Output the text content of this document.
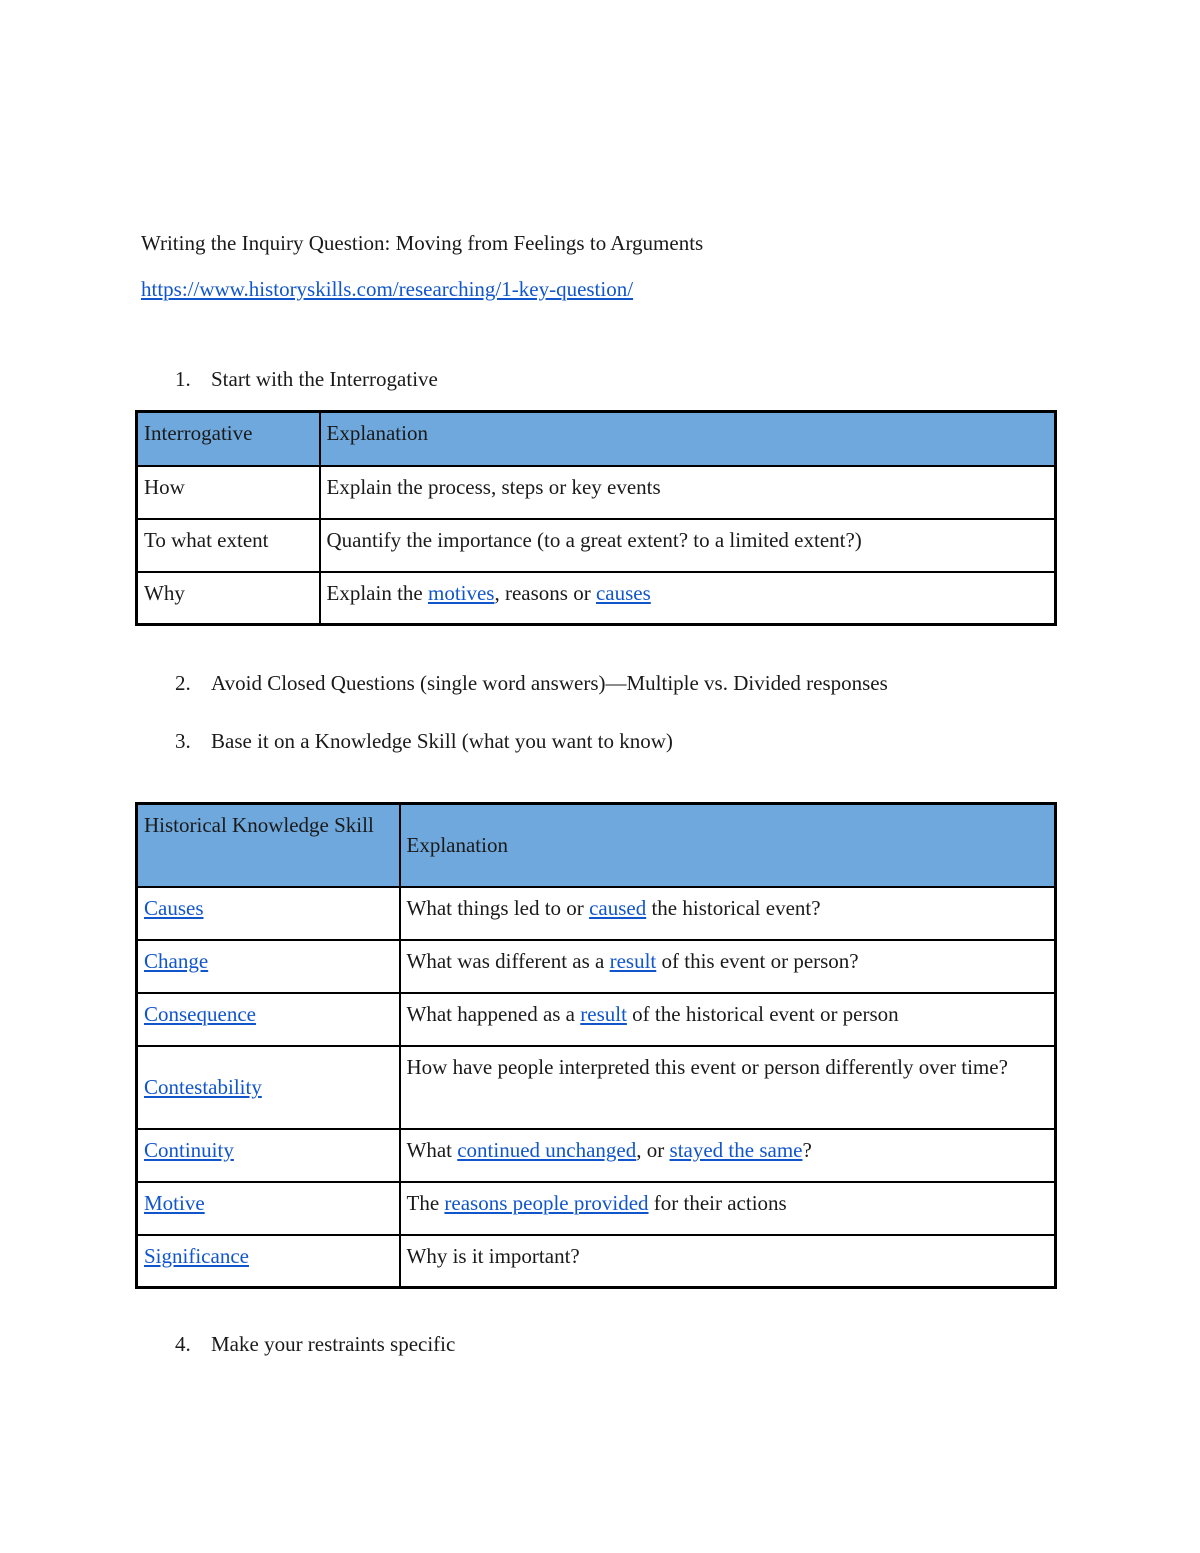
Writing the Inquiry Question: Moving from Feelings to Arguments
https://www.historyskills.com/researching/1-key-question/
1. Start with the Interrogative
Interrogative	Explanation
How	Explain the process, steps or key events
To what extent	Quantify the importance (to a great extent? to a limited extent?)
Why	Explain the motives, reasons or causes
2. Avoid Closed Questions (single word answers)—Multiple vs. Divided responses
3. Base it on a Knowledge Skill (what you want to know)
Historical Knowledge Skill	Explanation
Causes	What things led to or caused the historical event?
Change	What was different as a result of this event or person?
Consequence	What happened as a result of the historical event or person
Contestability	How have people interpreted this event or person differently over time?
Continuity	What continued unchanged, or stayed the same?
Motive	The reasons people provided for their actions
Significance	Why is it important?
4. Make your restraints specific
